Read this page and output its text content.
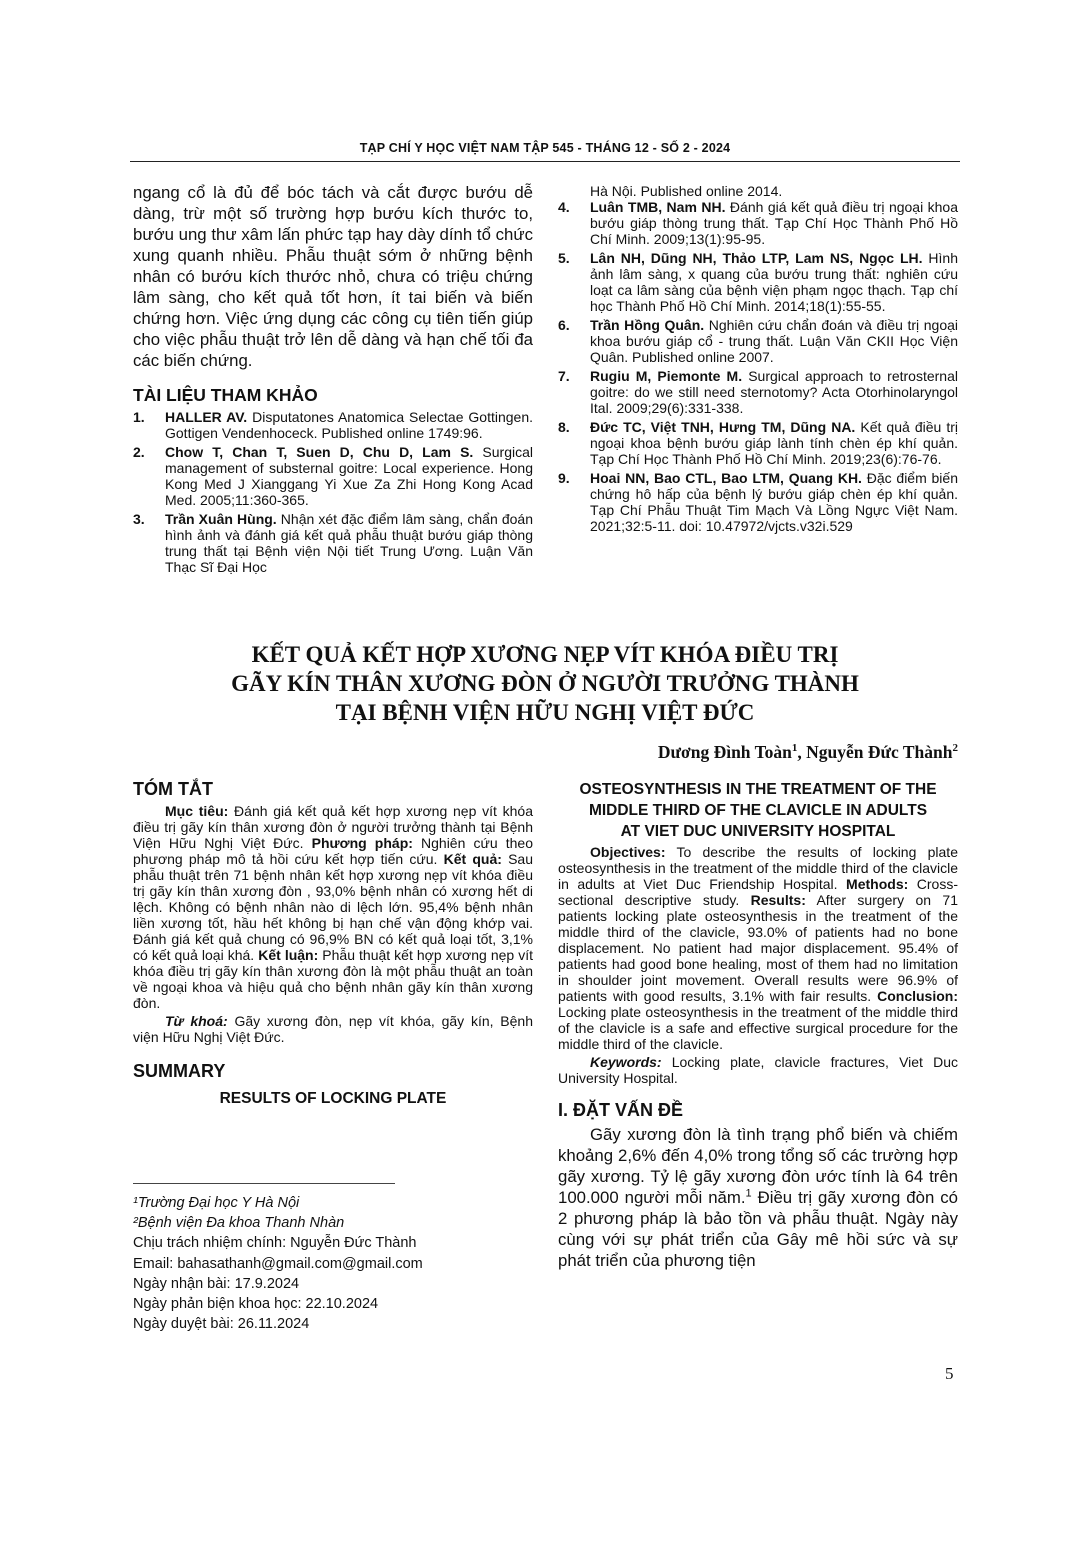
TẠP CHÍ Y HỌC VIỆT NAM TẬP 545 - THÁNG 12 - SỐ 2 - 2024

ngang cổ là đủ để bóc tách và cắt được bướu dễ dàng, trừ một số trường hợp bướu kích thước to, bướu ung thư xâm lấn phức tạp hay dày dính tổ chức xung quanh nhiều. Phẫu thuật sớm ở những bệnh nhân có bướu kích thước nhỏ, chưa có triệu chứng lâm sàng, cho kết quả tốt hơn, ít tai biến và biến chứng hơn. Việc ứng dụng các công cụ tiên tiến giúp cho việc phẫu thuật trở lên dễ dàng và hạn chế tối đa các biến chứng.

TÀI LIỆU THAM KHẢO
1. HALLER AV. Disputatones Anatomica Selectae Gottingen. Gottigen Vendenhoceck. Published online 1749:96.
2. Chow T, Chan T, Suen D, Chu D, Lam S. Surgical management of substernal goitre: Local experience. Hong Kong Med J Xianggang Yi Xue Za Zhi Hong Kong Acad Med. 2005;11:360-365.
3. Trần Xuân Hùng. Nhận xét đặc điểm lâm sàng, chẩn đoán hình ảnh và đánh giá kết quả phẫu thuật bướu giáp thòng trung thất tại Bệnh viện Nội tiết Trung Ương. Luận Văn Thạc Sĩ Đại Học
Hà Nội. Published online 2014.
4. Luân TMB, Nam NH. Đánh giá kết quả điều trị ngoại khoa bướu giáp thòng trung thất. Tạp Chí Học Thành Phố Hồ Chí Minh. 2009;13(1):95-95.
5. Lân NH, Dũng NH, Thảo LTP, Lam NS, Ngọc LH. Hình ảnh lâm sàng, x quang của bướu trung thất: nghiên cứu loạt ca lâm sàng của bệnh viện phạm ngọc thạch. Tạp chí học Thành Phố Hồ Chí Minh. 2014;18(1):55-55.
6. Trần Hồng Quân. Nghiên cứu chẩn đoán và điều trị ngoại khoa bướu giáp cổ - trung thất. Luận Văn CKII Học Viện Quân. Published online 2007.
7. Rugiu M, Piemonte M. Surgical approach to retrosternal goitre: do we still need sternotomy? Acta Otorhinolaryngol Ital. 2009;29(6):331-338.
8. Đức TC, Việt TNH, Hưng TM, Dũng NA. Kết quả điều trị ngoại khoa bệnh bướu giáp lành tính chèn ép khí quản. Tạp Chí Học Thành Phố Hồ Chí Minh. 2019;23(6):76-76.
9. Hoai NN, Bao CTL, Bao LTM, Quang KH. Đặc điểm biến chứng hô hấp của bệnh lý bướu giáp chèn ép khí quản. Tạp Chí Phẫu Thuật Tim Mạch Và Lồng Ngực Việt Nam. 2021;32:5-11. doi: 10.47972/vjcts.v32i.529
KẾT QUẢ KẾT HỢP XƯƠNG NẸP VÍT KHÓA ĐIỀU TRỊ
GÃY KÍN THÂN XƯƠNG ĐÒN Ở NGƯỜI TRƯỞNG THÀNH
TẠI BỆNH VIỆN HỮU NGHỊ VIỆT ĐỨC
Dương Đình Toàn$^1$, Nguyễn Đức Thành$^2$
TÓM TẮT

Mục tiêu: Đánh giá kết quả kết hợp xương nẹp vít khóa điều trị gãy kín thân xương đòn ở người trưởng thành tại Bệnh Viện Hữu Nghị Việt Đức. Phương pháp: Nghiên cứu theo phương pháp mô tả hồi cứu kết hợp tiến cứu. Kết quả: Sau phẫu thuật trên 71 bệnh nhân kết hợp xương nẹp vít khóa điều trị gãy kín thân xương đòn , 93,0% bệnh nhân có xương hết di lệch. Không có bệnh nhân nào di lệch lớn. 95,4% bệnh nhân liền xương tốt, hầu hết không bị hạn chế vận động khớp vai. Đánh giá kết quả chung có 96,9% BN có kết quả loại tốt, 3,1% có kết quả loại khá. Kết luận: Phẫu thuật kết hợp xương nẹp vít khóa điều trị gãy kín thân xương đòn là một phẫu thuật an toàn về ngoại khoa và hiệu quả cho bệnh nhân gãy kín thân xương đòn.

Từ khoá: Gãy xương đòn, nẹp vít khóa, gãy kín, Bệnh viện Hữu Nghị Việt Đức.

SUMMARY
RESULTS OF LOCKING PLATE
¹Trường Đại học Y Hà Nội
²Bệnh viện Đa khoa Thanh Nhàn
Chịu trách nhiệm chính: Nguyễn Đức Thành
Email: bahasathanh@gmail.com@gmail.com
Ngày nhận bài: 17.9.2024
Ngày phản biện khoa học: 22.10.2024
Ngày duyệt bài: 26.11.2024
OSTEOSYNTHESIS IN THE TREATMENT OF THE
MIDDLE THIRD OF THE CLAVICLE IN ADULTS
AT VIET DUC UNIVERSITY HOSPITAL

Objectives: To describe the results of locking plate osteosynthesis in the treatment of the middle third of the clavicle in adults at Viet Duc Friendship Hospital. Methods: Cross-sectional descriptive study. Results: After surgery on 71 patients locking plate osteosynthesis in the treatment of the middle third of the clavicle, 93.0% of patients had no bone displacement. No patient had major displacement. 95.4% of patients had good bone healing, most of them had no limitation in shoulder joint movement. Overall results were 96.9% of patients with good results, 3.1% with fair results. Conclusion: Locking plate osteosynthesis in the treatment of the middle third of the clavicle is a safe and effective surgical procedure for the middle third of the clavicle.

Keywords: Locking plate, clavicle fractures, Viet Duc University Hospital.

I. ĐẶT VẤN ĐỀ

Gãy xương đòn là tình trạng phổ biến và chiếm khoảng 2,6% đến 4,0% trong tổng số các trường hợp gãy xương. Tỷ lệ gãy xương đòn ước tính là 64 trên 100.000 người mỗi năm.$^1$ Điều trị gãy xương đòn có 2 phương pháp là bảo tồn và phẫu thuật. Ngày này cùng với sự phát triển của Gây mê hồi sức và sự phát triển của phương tiện

5
